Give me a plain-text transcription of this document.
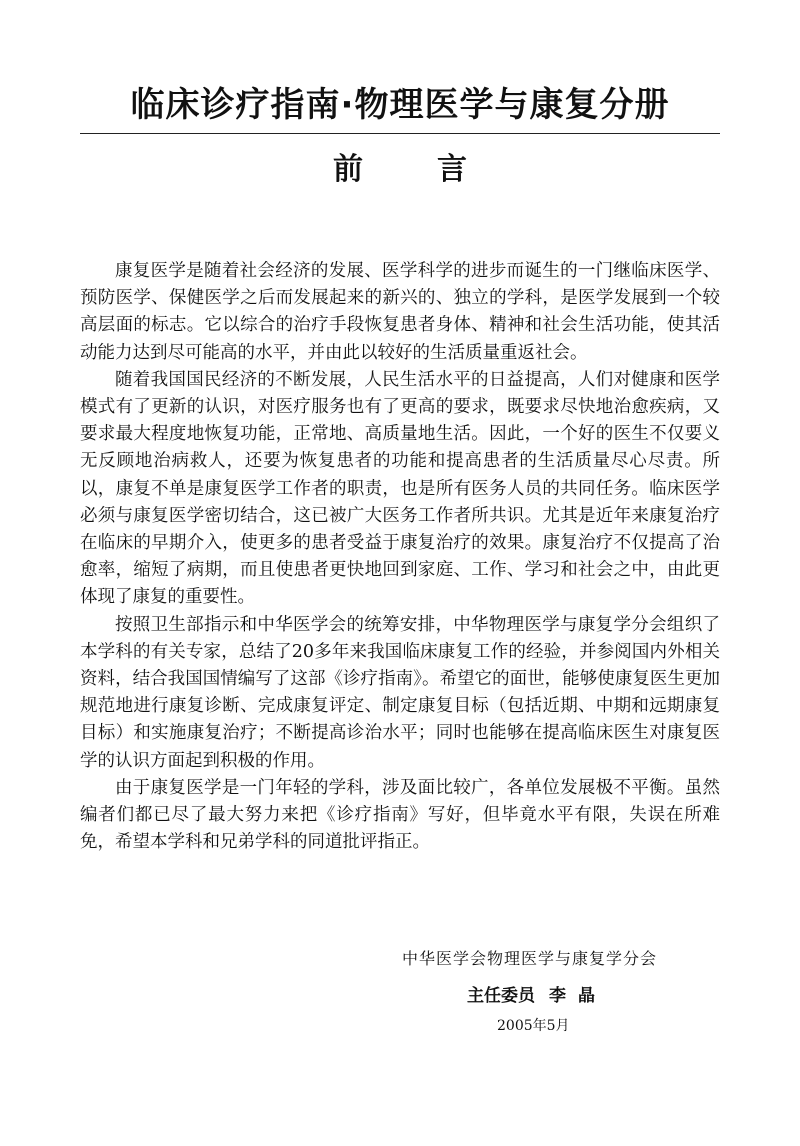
临床诊疗指南·物理医学与康复分册
前 言

康复医学是随着社会经济的发展、医学科学的进步而诞生的一门继临床医学、预防医学、保健医学之后而发展起来的新兴的、独立的学科，是医学发展到一个较高层面的标志。它以综合的治疗手段恢复患者身体、精神和社会生活功能，使其活动能力达到尽可能高的水平，并由此以较好的生活质量重返社会。

随着我国国民经济的不断发展，人民生活水平的日益提高，人们对健康和医学模式有了更新的认识，对医疗服务也有了更高的要求，既要求尽快地治愈疾病，又要求最大程度地恢复功能，正常地、高质量地生活。因此，一个好的医生不仅要义无反顾地治病救人，还要为恢复患者的功能和提高患者的生活质量尽心尽责。所以，康复不单是康复医学工作者的职责，也是所有医务人员的共同任务。临床医学必须与康复医学密切结合，这已被广大医务工作者所共识。尤其是近年来康复治疗在临床的早期介入，使更多的患者受益于康复治疗的效果。康复治疗不仅提高了治愈率，缩短了病期，而且使患者更快地回到家庭、工作、学习和社会之中，由此更体现了康复的重要性。

按照卫生部指示和中华医学会的统筹安排，中华物理医学与康复学分会组织了本学科的有关专家，总结了20多年来我国临床康复工作的经验，并参阅国内外相关资料，结合我国国情编写了这部《诊疗指南》。希望它的面世，能够使康复医生更加规范地进行康复诊断、完成康复评定、制定康复目标（包括近期、中期和远期康复目标）和实施康复治疗；不断提高诊治水平；同时也能够在提高临床医生对康复医学的认识方面起到积极的作用。

由于康复医学是一门年轻的学科，涉及面比较广，各单位发展极不平衡。虽然编者们都已尽了最大努力来把《诊疗指南》写好，但毕竟水平有限，失误在所难免，希望本学科和兄弟学科的同道批评指正。

中华医学会物理医学与康复学分会
主任委员 李晶
2005年5月
